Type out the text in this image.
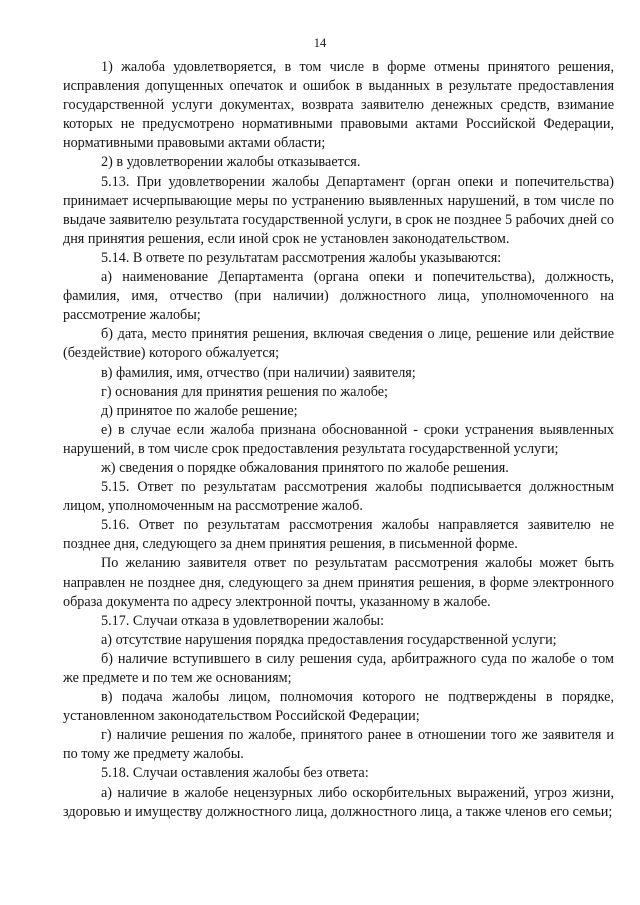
14

1) жалоба удовлетворяется, в том числе в форме отмены принятого решения, исправления допущенных опечаток и ошибок в выданных в результате предоставления государственной услуги документах, возврата заявителю денежных средств, взимание которых не предусмотрено нормативными правовыми актами Российской Федерации, нормативными правовыми актами области;

2) в удовлетворении жалобы отказывается.

5.13. При удовлетворении жалобы Департамент (орган опеки и попечительства) принимает исчерпывающие меры по устранению выявленных нарушений, в том числе по выдаче заявителю результата государственной услуги, в срок не позднее 5 рабочих дней со дня принятия решения, если иной срок не установлен законодательством.

5.14. В ответе по результатам рассмотрения жалобы указываются:

а) наименование Департамента (органа опеки и попечительства), должность, фамилия, имя, отчество (при наличии) должностного лица, уполномоченного на рассмотрение жалобы;

б) дата, место принятия решения, включая сведения о лице, решение или действие (бездействие) которого обжалуется;

в) фамилия, имя, отчество (при наличии) заявителя;

г) основания для принятия решения по жалобе;

д) принятое по жалобе решение;

е) в случае если жалоба признана обоснованной - сроки устранения выявленных нарушений, в том числе срок предоставления результата государственной услуги;

ж) сведения о порядке обжалования принятого по жалобе решения.

5.15. Ответ по результатам рассмотрения жалобы подписывается должностным лицом, уполномоченным на рассмотрение жалоб.

5.16. Ответ по результатам рассмотрения жалобы направляется заявителю не позднее дня, следующего за днем принятия решения, в письменной форме.

По желанию заявителя ответ по результатам рассмотрения жалобы может быть направлен не позднее дня, следующего за днем принятия решения, в форме электронного образа документа по адресу электронной почты, указанному в жалобе.

5.17. Случаи отказа в удовлетворении жалобы:

а) отсутствие нарушения порядка предоставления государственной услуги;

б) наличие вступившего в силу решения суда, арбитражного суда по жалобе о том же предмете и по тем же основаниям;

в) подача жалобы лицом, полномочия которого не подтверждены в порядке, установленном законодательством Российской Федерации;

г) наличие решения по жалобе, принятого ранее в отношении того же заявителя и по тому же предмету жалобы.

5.18. Случаи оставления жалобы без ответа:

а) наличие в жалобе нецензурных либо оскорбительных выражений, угроз жизни, здоровью и имуществу должностного лица, должностного лица, а также членов его семьи;
